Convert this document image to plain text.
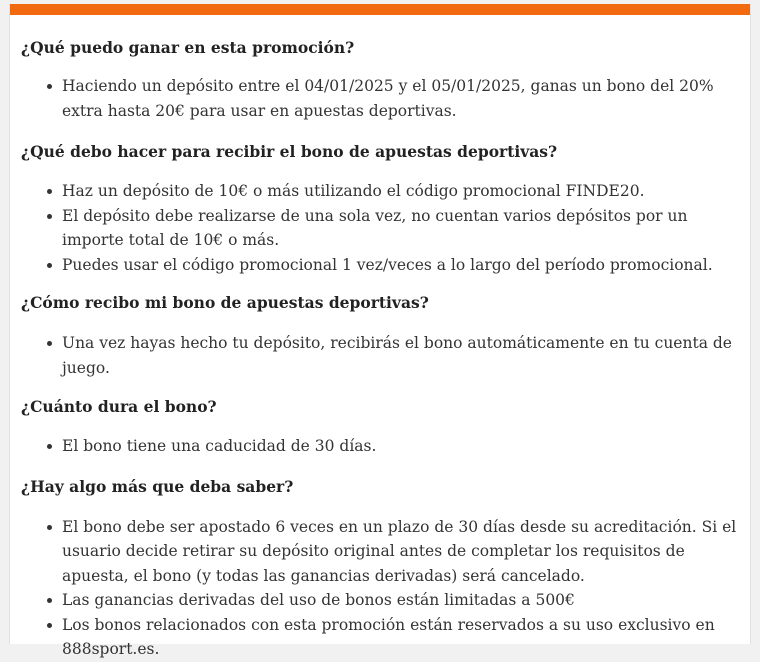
¿Qué puedo ganar en esta promoción?
Haciendo un depósito entre el 04/01/2025 y el 05/01/2025, ganas un bono del 20% extra hasta 20€ para usar en apuestas deportivas.
¿Qué debo hacer para recibir el bono de apuestas deportivas?
Haz un depósito de 10€ o más utilizando el código promocional FINDE20.
El depósito debe realizarse de una sola vez, no cuentan varios depósitos por un importe total de 10€ o más.
Puedes usar el código promocional 1 vez/veces a lo largo del período promocional.
¿Cómo recibo mi bono de apuestas deportivas?
Una vez hayas hecho tu depósito, recibirás el bono automáticamente en tu cuenta de juego.
¿Cuánto dura el bono?
El bono tiene una caducidad de 30 días.
¿Hay algo más que deba saber?
El bono debe ser apostado 6 veces en un plazo de 30 días desde su acreditación. Si el usuario decide retirar su depósito original antes de completar los requisitos de apuesta, el bono (y todas las ganancias derivadas) será cancelado.
Las ganancias derivadas del uso de bonos están limitadas a 500€
Los bonos relacionados con esta promoción están reservados a su uso exclusivo en 888sport.es.
